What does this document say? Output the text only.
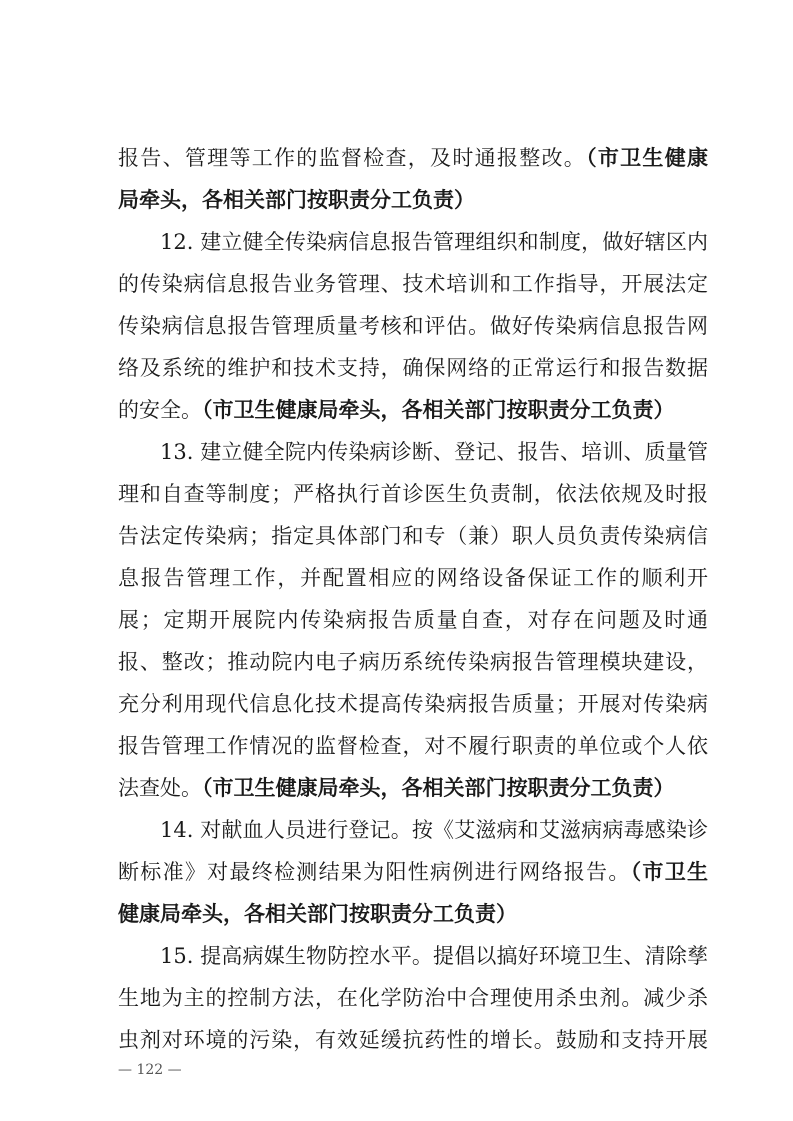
报告、管理等工作的监督检查，及时通报整改。（市卫生健康
局牵头，各相关部门按职责分工负责）
12. 建立健全传染病信息报告管理组织和制度，做好辖区内
的传染病信息报告业务管理、技术培训和工作指导，开展法定
传染病信息报告管理质量考核和评估。做好传染病信息报告网
络及系统的维护和技术支持，确保网络的正常运行和报告数据
的安全。（市卫生健康局牵头，各相关部门按职责分工负责）
13. 建立健全院内传染病诊断、登记、报告、培训、质量管
理和自查等制度；严格执行首诊医生负责制，依法依规及时报
告法定传染病；指定具体部门和专（兼）职人员负责传染病信
息报告管理工作，并配置相应的网络设备保证工作的顺利开
展；定期开展院内传染病报告质量自查，对存在问题及时通
报、整改；推动院内电子病历系统传染病报告管理模块建设，
充分利用现代信息化技术提高传染病报告质量；开展对传染病
报告管理工作情况的监督检查，对不履行职责的单位或个人依
法查处。（市卫生健康局牵头，各相关部门按职责分工负责）
14. 对献血人员进行登记。按《艾滋病和艾滋病病毒感染诊
断标准》对最终检测结果为阳性病例进行网络报告。（市卫生
健康局牵头，各相关部门按职责分工负责）
15. 提高病媒生物防控水平。提倡以搞好环境卫生、清除孳
生地为主的控制方法，在化学防治中合理使用杀虫剂。减少杀
虫剂对环境的污染，有效延缓抗药性的增长。鼓励和支持开展
— 122 —
